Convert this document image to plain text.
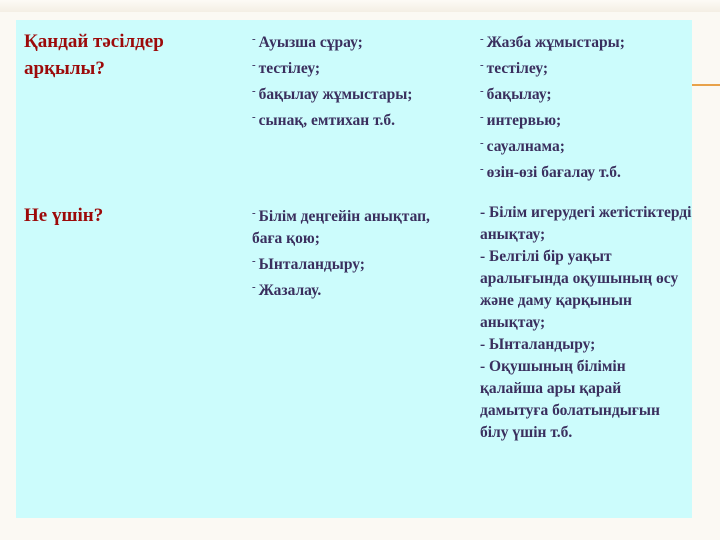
Қандай тәсілдер арқылы?
- Ауызша сұрау;
- тестілеу;
- бақылау жұмыстары;
- сынақ, емтихан т.б.
- Жазба жұмыстары;
- тестілеу;
- бақылау;
- интервью;
- сауалнама;
- өзін-өзі бағалау т.б.
Не үшін?	- Білім деңгейін анықтап, баға қою;
- Ынталандыру;
- Жазалау.
- Білім игерудегі жетістіктерді анықтау;
- Белгілі бір уақыт аралығында оқушының өсу және даму қарқынын анықтау;
- Ынталандыру;
- Оқушының білімін қалайша ары қарай дамытуға болатындығын білу үшін т.б.
